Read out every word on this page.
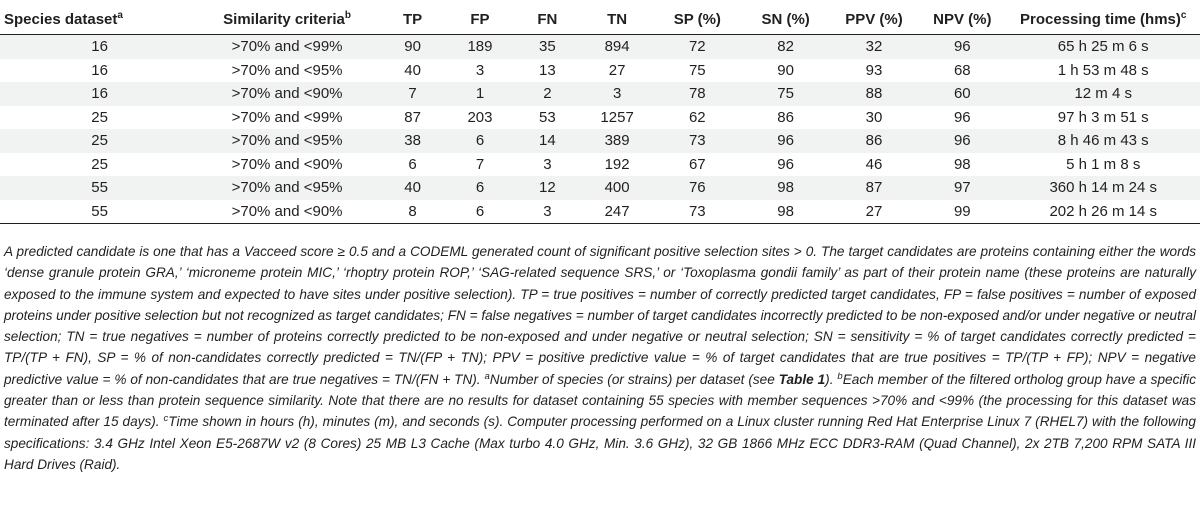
Species dataset$^a$	Similarity criteria$^b$	TP	FP	FN	TN	SP (%)	SN (%)	PPV (%)	NPV (%)	Processing time (hms)$^c$
16	>70% and <99%	90	189	35	894	72	82	32	96	65 h 25 m 6 s
16	>70% and <95%	40	3	13	27	75	90	93	68	1 h 53 m 48 s
16	>70% and <90%	7	1	2	3	78	75	88	60	12 m 4 s
25	>70% and <99%	87	203	53	1257	62	86	30	96	97 h 3 m 51 s
25	>70% and <95%	38	6	14	389	73	96	86	96	8 h 46 m 43 s
25	>70% and <90%	6	7	3	192	67	96	46	98	5 h 1 m 8 s
55	>70% and <95%	40	6	12	400	76	98	87	97	360 h 14 m 24 s
55	>70% and <90%	8	6	3	247	73	98	27	99	202 h 26 m 14 s
A predicted candidate is one that has a Vacceed score ≥ 0.5 and a CODEML generated count of significant positive selection sites > 0. The target candidates are proteins containing either the words ‘dense granule protein GRA,’ ‘microneme protein MIC,’ ‘rhoptry protein ROP,’ ‘SAG-related sequence SRS,’ or ‘Toxoplasma gondii family’ as part of their protein name (these proteins are naturally exposed to the immune system and expected to have sites under positive selection). TP = true positives = number of correctly predicted target candidates, FP = false positives = number of exposed proteins under positive selection but not recognized as target candidates; FN = false negatives = number of target candidates incorrectly predicted to be non-exposed and/or under negative or neutral selection; TN = true negatives = number of proteins correctly predicted to be non-exposed and under negative or neutral selection; SN = sensitivity = % of target candidates correctly predicted = TP/(TP + FN), SP = % of non-candidates correctly predicted = TN/(FP + TN); PPV = positive predictive value = % of target candidates that are true positives = TP/(TP + FP); NPV = negative predictive value = % of non-candidates that are true negatives = TN/(FN + TN). $^a$Number of species (or strains) per dataset (see Table 1). $^b$Each member of the filtered ortholog group have a specific greater than or less than protein sequence similarity. Note that there are no results for dataset containing 55 species with member sequences >70% and <99% (the processing for this dataset was terminated after 15 days). $^c$Time shown in hours (h), minutes (m), and seconds (s). Computer processing performed on a Linux cluster running Red Hat Enterprise Linux 7 (RHEL7) with the following specifications: 3.4 GHz Intel Xeon E5-2687W v2 (8 Cores) 25 MB L3 Cache (Max turbo 4.0 GHz, Min. 3.6 GHz), 32 GB 1866 MHz ECC DDR3-RAM (Quad Channel), 2x 2TB 7,200 RPM SATA III Hard Drives (Raid).
